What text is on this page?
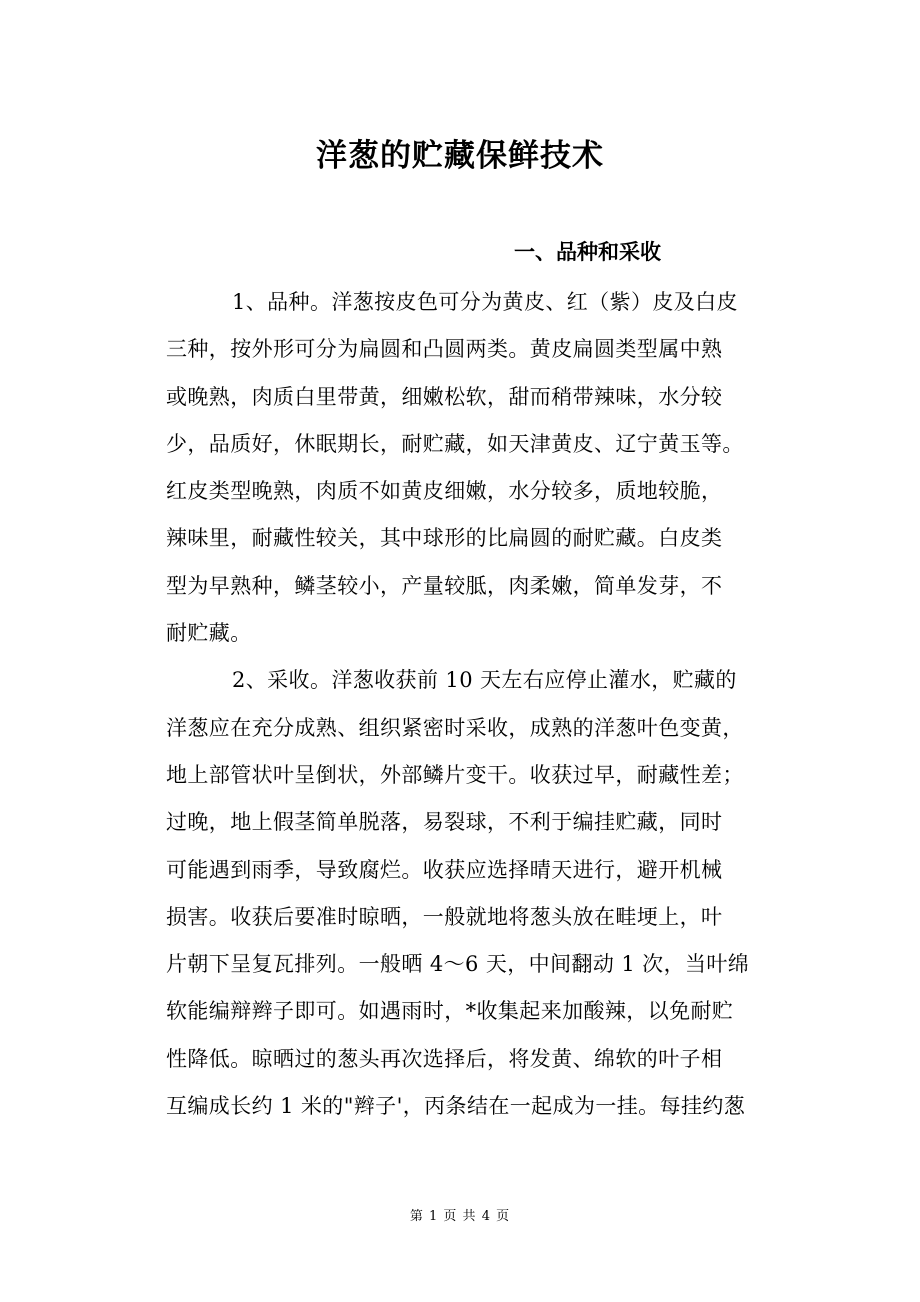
洋葱的贮藏保鲜技术
一、品种和采收
1、品种。洋葱按皮色可分为黄皮、红（紫）皮及白皮
三种，按外形可分为扁圆和凸圆两类。黄皮扁圆类型属中熟
或晚熟，肉质白里带黄，细嫩松软，甜而稍带辣味，水分较
少，品质好，休眠期长，耐贮藏，如天津黄皮、辽宁黄玉等。
红皮类型晚熟，肉质不如黄皮细嫩，水分较多，质地较脆，
辣味里，耐藏性较关，其中球形的比扁圆的耐贮藏。白皮类
型为早熟种，鳞茎较小，产量较胝，肉柔嫩，简单发芽，不
耐贮藏。
2、采收。洋葱收获前 10 天左右应停止灌水，贮藏的
洋葱应在充分成熟、组织紧密时采收，成熟的洋葱叶色变黄，
地上部管状叶呈倒状，外部鳞片变干。收获过早，耐藏性差；
过晚，地上假茎简单脱落，易裂球，不利于编挂贮藏，同时
可能遇到雨季，导致腐烂。收获应选择晴天进行，避开机械
损害。收获后要准时晾晒，一般就地将葱头放在畦埂上，叶
片朝下呈复瓦排列。一般晒 4～6 天，中间翻动 1 次，当叶绵
软能编辩辫子即可。如遇雨时，*收集起来加酸辣，以免耐贮
性降低。晾晒过的葱头再次选择后，将发黄、绵软的叶子相
互编成长约 1 米的"辫子'，丙条结在一起成为一挂。每挂约葱
第 1 页 共 4 页
